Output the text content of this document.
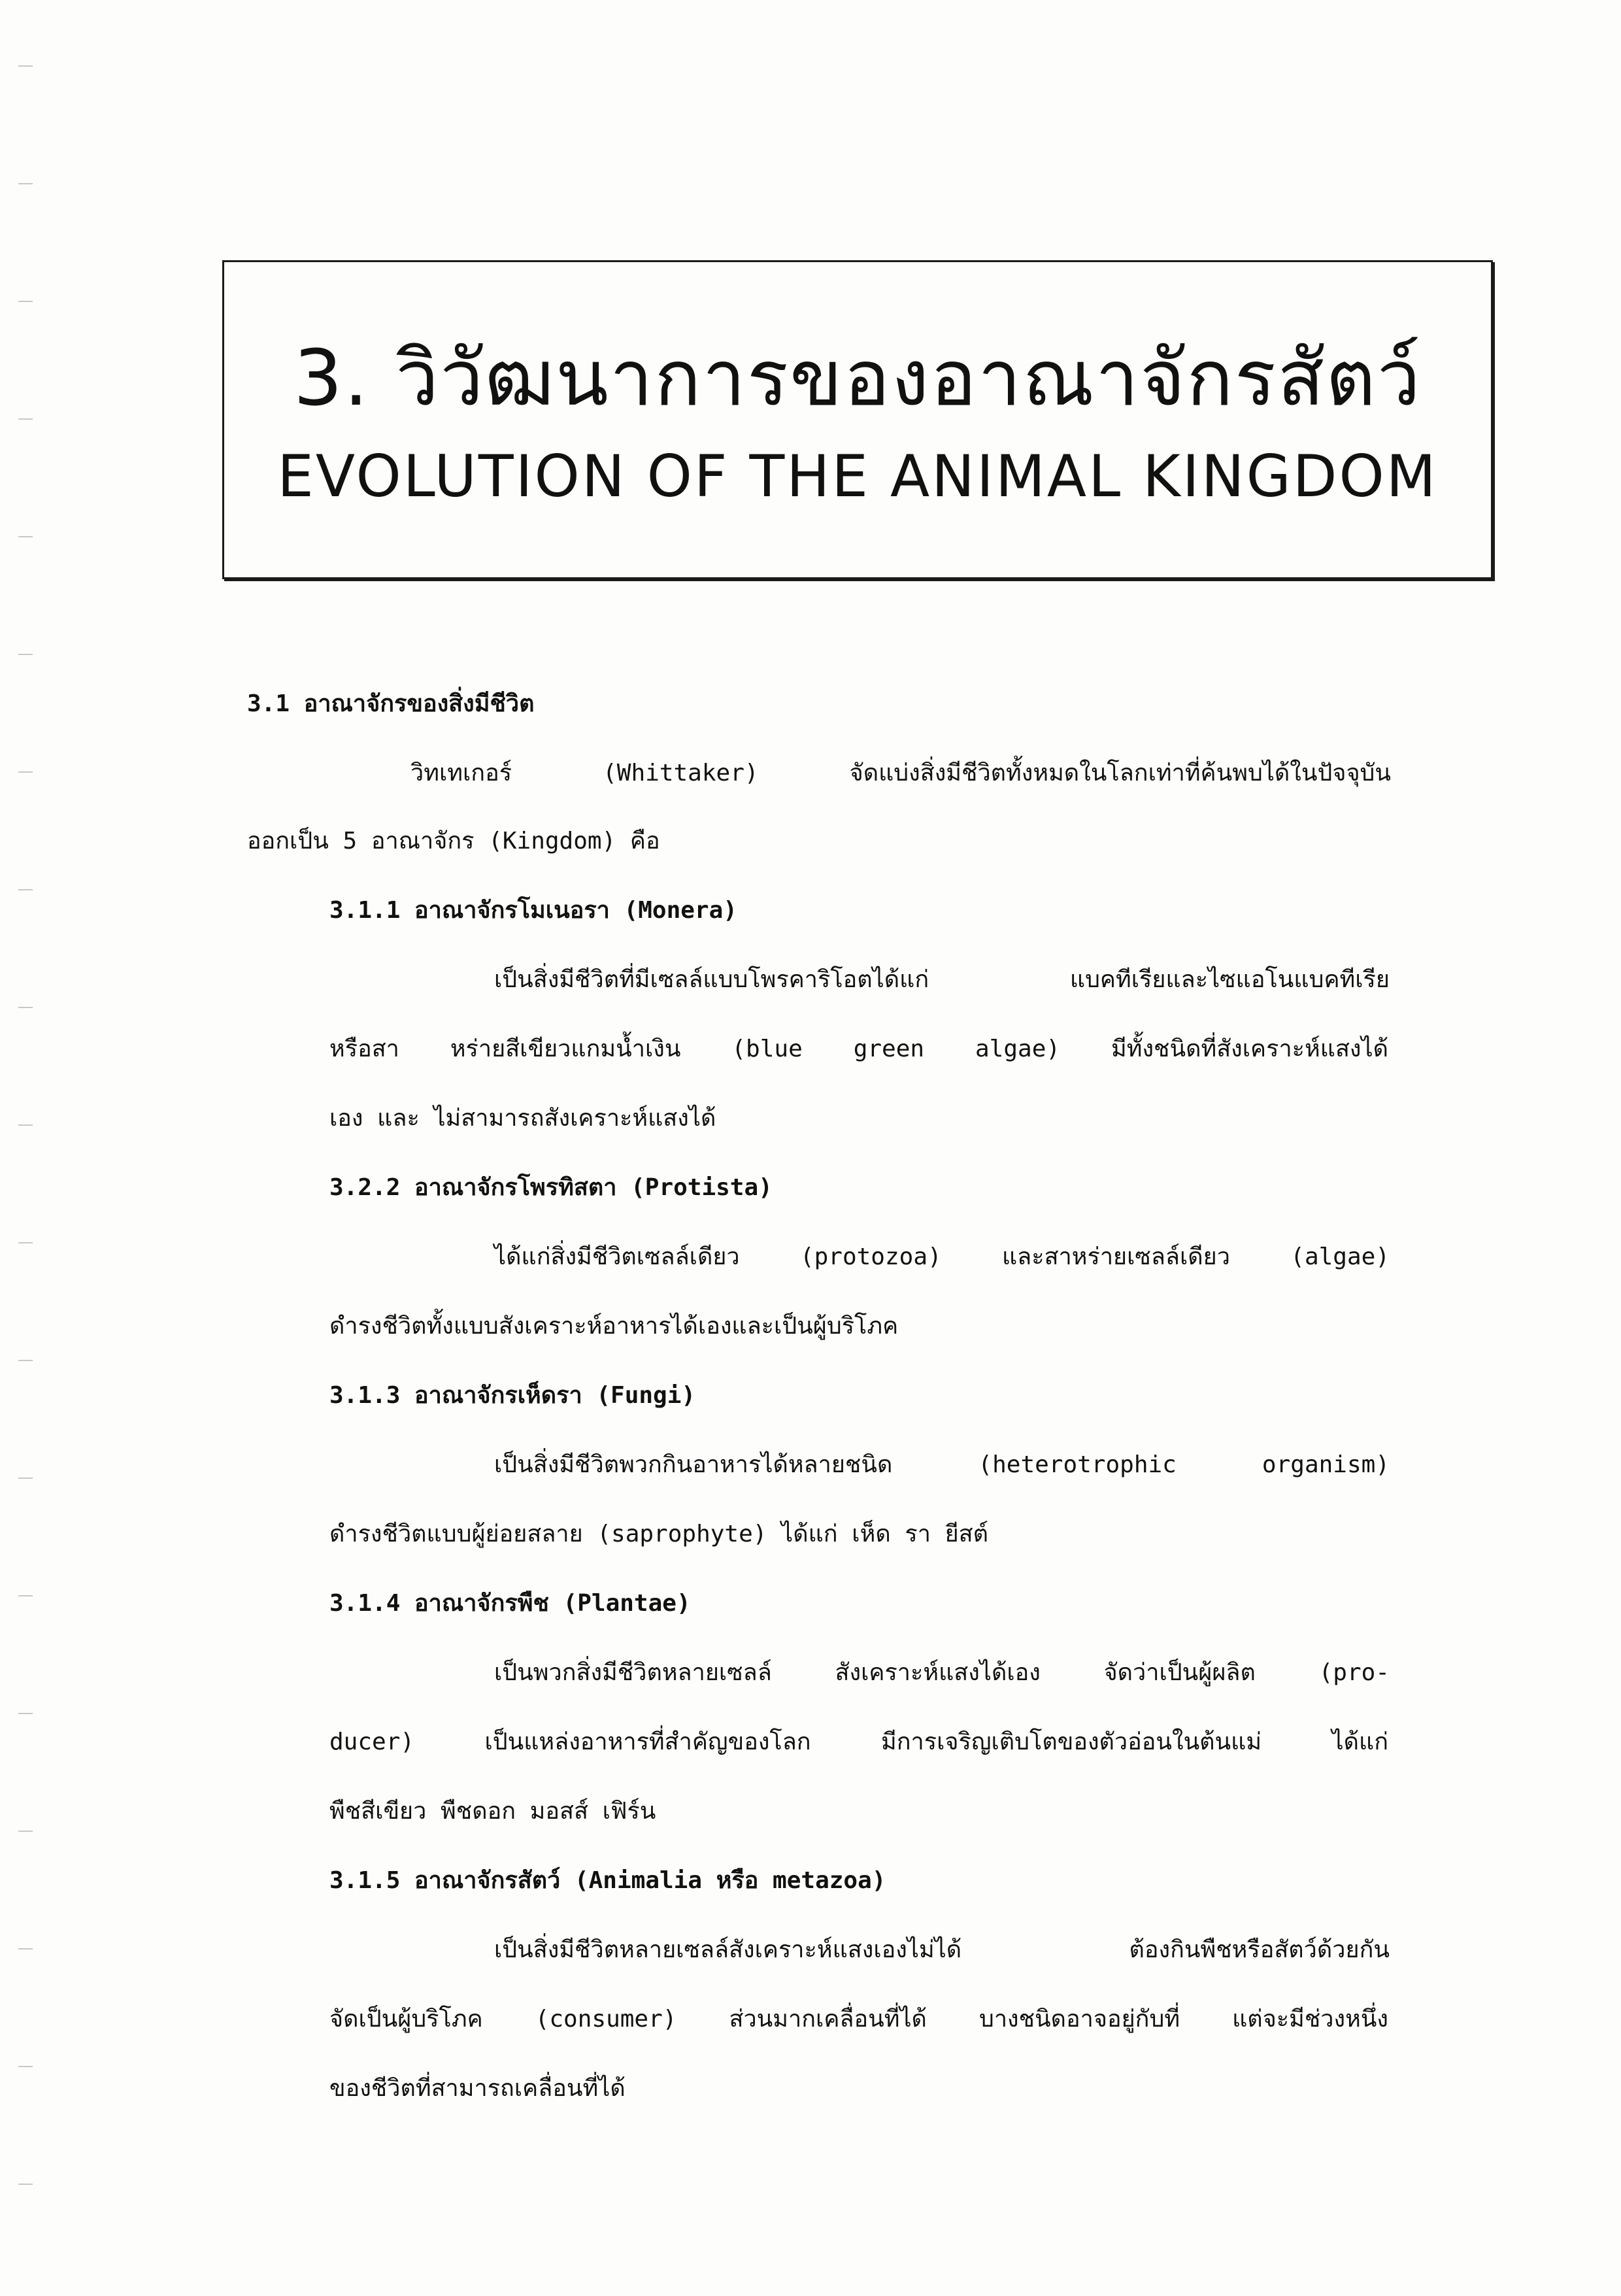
3. วิวัฒนาการของอาณาจักรสัตว์
EVOLUTION OF THE ANIMAL KINGDOM
3.1 อาณาจักรของสิ่งมีชีวิต
วิทเทเกอร์ (Whittaker) จัดแบ่งสิ่งมีชีวิตทั้งหมดในโลกเท่าที่ค้นพบได้ในปัจจุบัน
ออกเป็น 5 อาณาจักร (Kingdom) คือ
3.1.1 อาณาจักรโมเนอรา (Monera)
เป็นสิ่งมีชีวิตที่มีเซลล์แบบโพรคาริโอตได้แก่ แบคทีเรียและไซแอโนแบคทีเรีย
หรือสา หร่ายสีเขียวแกมน้ำเงิน (blue green algae) มีทั้งชนิดที่สังเคราะห์แสงได้
เอง และ ไม่สามารถสังเคราะห์แสงได้
3.2.2 อาณาจักรโพรทิสตา (Protista)
ได้แก่สิ่งมีชีวิตเซลล์เดียว (protozoa) และสาหร่ายเซลล์เดียว (algae)
ดำรงชีวิตทั้งแบบสังเคราะห์อาหารได้เองและเป็นผู้บริโภค
3.1.3 อาณาจักรเห็ดรา (Fungi)
เป็นสิ่งมีชีวิตพวกกินอาหารได้หลายชนิด (heterotrophic organism)
ดำรงชีวิตแบบผู้ย่อยสลาย (saprophyte) ได้แก่ เห็ด รา ยีสต์
3.1.4 อาณาจักรพืช (Plantae)
เป็นพวกสิ่งมีชีวิตหลายเซลล์ สังเคราะห์แสงได้เอง จัดว่าเป็นผู้ผลิต (pro-
ducer) เป็นแหล่งอาหารที่สำคัญของโลก มีการเจริญเติบโตของตัวอ่อนในต้นแม่ ได้แก่
พืชสีเขียว พืชดอก มอสส์ เฟิร์น
3.1.5 อาณาจักรสัตว์ (Animalia หรือ metazoa)
เป็นสิ่งมีชีวิตหลายเซลล์สังเคราะห์แสงเองไม่ได้ ต้องกินพืชหรือสัตว์ด้วยกัน
จัดเป็นผู้บริโภค (consumer) ส่วนมากเคลื่อนที่ได้ บางชนิดอาจอยู่กับที่ แต่จะมีช่วงหนึ่ง
ของชีวิตที่สามารถเคลื่อนที่ได้
